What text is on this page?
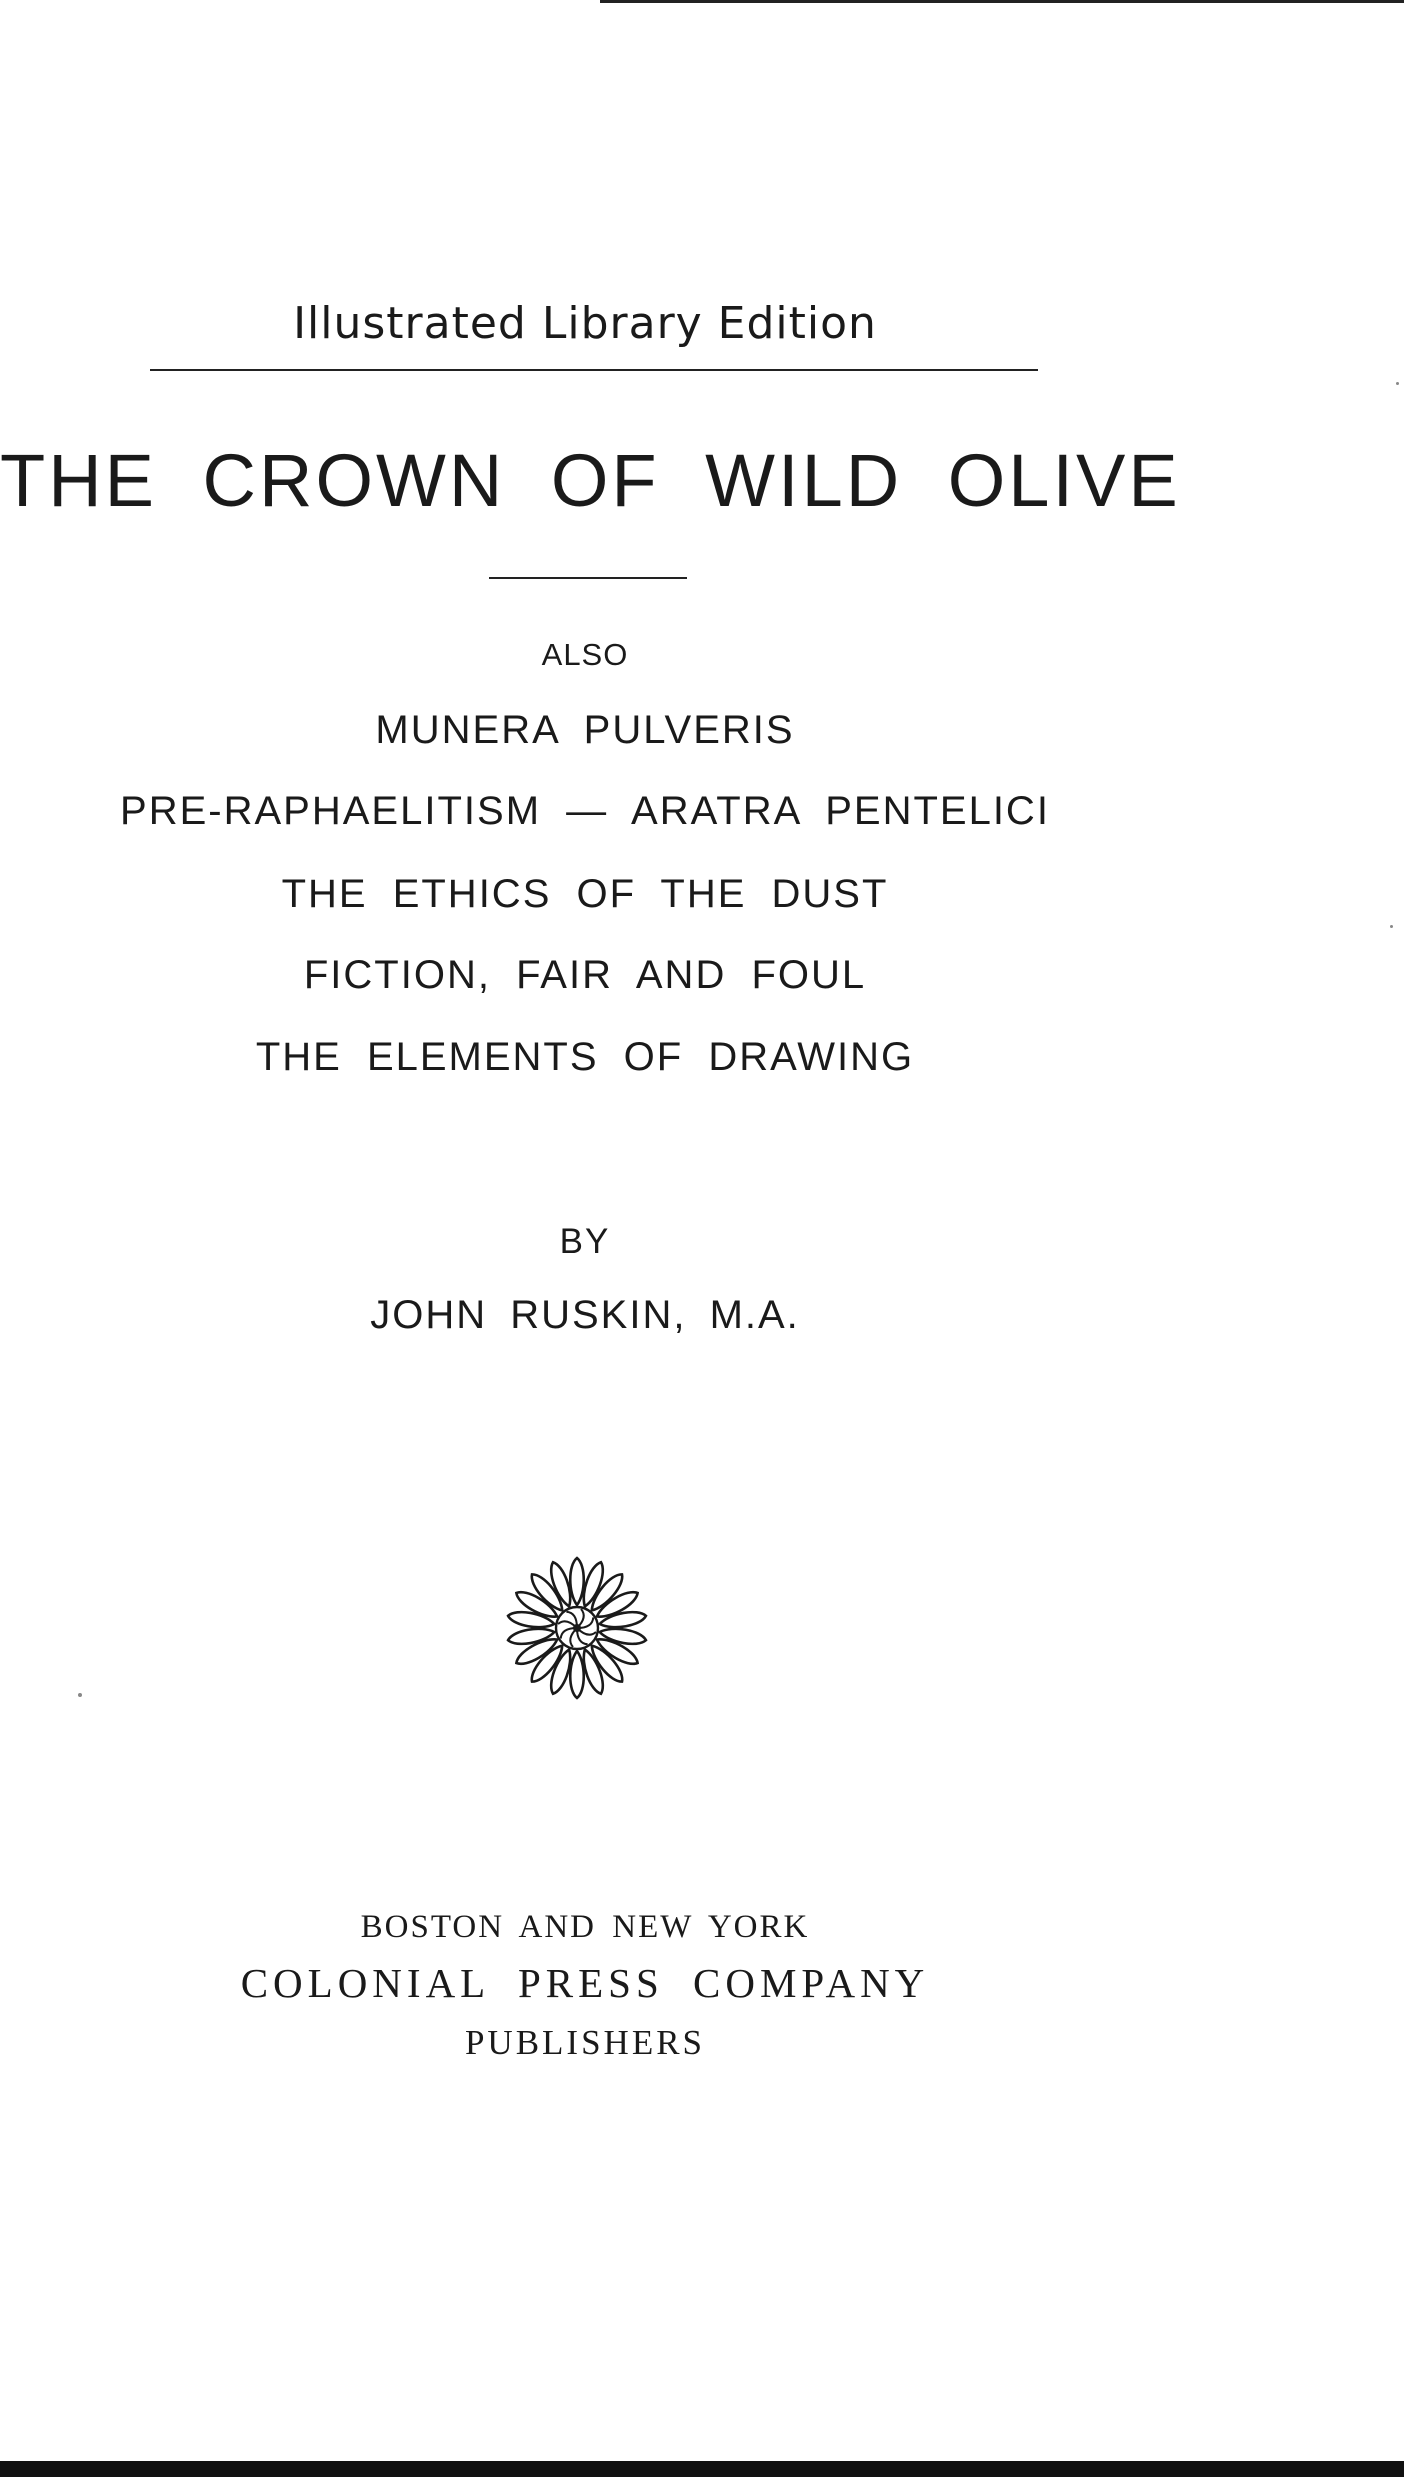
Illustrated Library Edition
THE CROWN OF WILD OLIVE
ALSO
MUNERA PULVERIS
PRE-RAPHAELITISM — ARATRA PENTELICI
THE ETHICS OF THE DUST
FICTION, FAIR AND FOUL
THE ELEMENTS OF DRAWING
BY
JOHN RUSKIN, M.A.
BOSTON AND NEW YORK
COLONIAL PRESS COMPANY
PUBLISHERS
